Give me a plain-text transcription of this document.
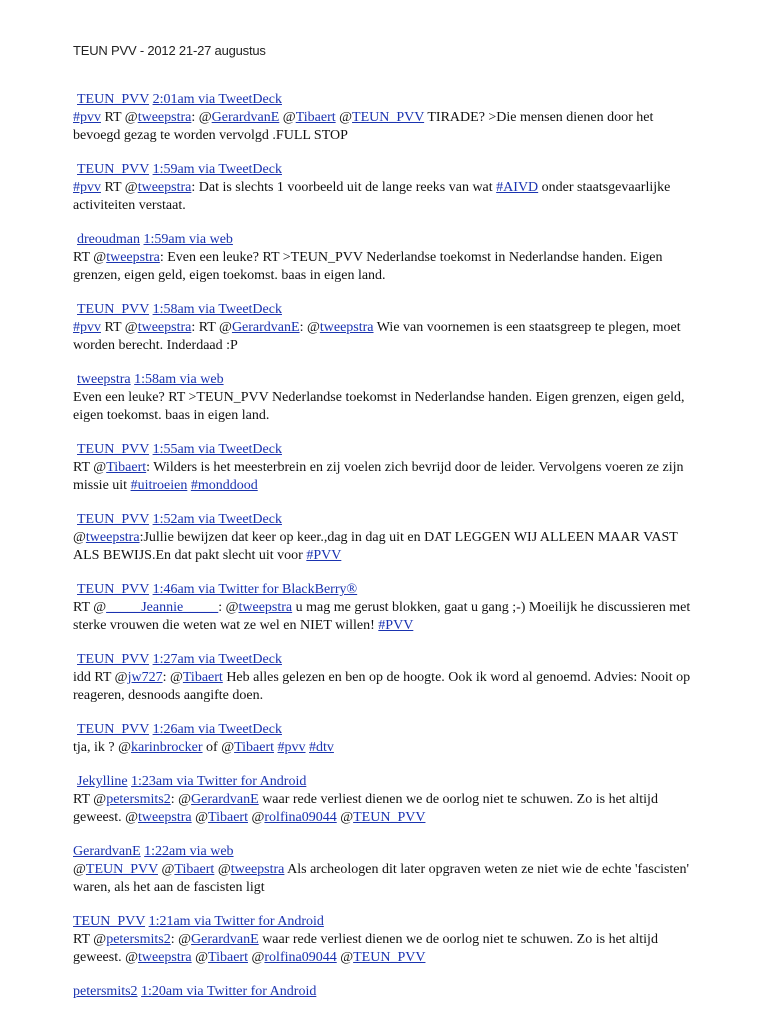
TEUN PVV - 2012 21-27 augustus
TEUN_PVV 2:01am via TweetDeck
#pvv RT @tweepstra: @GerardvanE @Tibaert @TEUN_PVV TIRADE? >Die mensen dienen door het bevoegd gezag te worden vervolgd .FULL STOP
TEUN_PVV 1:59am via TweetDeck
#pvv RT @tweepstra: Dat is slechts 1 voorbeeld uit de lange reeks van wat #AIVD onder staatsgevaarlijke activiteiten verstaat.
dreoudman 1:59am via web
RT @tweepstra: Even een leuke? RT >TEUN_PVV Nederlandse toekomst in Nederlandse handen. Eigen grenzen, eigen geld, eigen toekomst. baas in eigen land.
TEUN_PVV 1:58am via TweetDeck
#pvv RT @tweepstra: RT @GerardvanE: @tweepstra Wie van voornemen is een staatsgreep te plegen, moet worden berecht. Inderdaad :P
tweepstra 1:58am via web
Even een leuke? RT >TEUN_PVV Nederlandse toekomst in Nederlandse handen. Eigen grenzen, eigen geld, eigen toekomst. baas in eigen land.
TEUN_PVV 1:55am via TweetDeck
RT @Tibaert: Wilders is het meesterbrein en zij voelen zich bevrijd door de leider. Vervolgens voeren ze zijn missie uit #uitroeien #monddood
TEUN_PVV 1:52am via TweetDeck
@tweepstra:Jullie bewijzen dat keer op keer.,dag in dag uit en DAT LEGGEN WIJ ALLEEN MAAR VAST ALS BEWIJS.En dat pakt slecht uit voor #PVV
TEUN_PVV 1:46am via Twitter for BlackBerry®
RT @_____Jeannie_____: @tweepstra u mag me gerust blokken, gaat u gang ;-) Moeilijk he discussieren met sterke vrouwen die weten wat ze wel en NIET willen! #PVV
TEUN_PVV 1:27am via TweetDeck
idd RT @jw727: @Tibaert Heb alles gelezen en ben op de hoogte. Ook ik word al genoemd. Advies: Nooit op reageren, desnoods aangifte doen.
TEUN_PVV 1:26am via TweetDeck
tja, ik ? @karinbrocker of @Tibaert #pvv #dtv
Jekylline 1:23am via Twitter for Android
RT @petersmits2: @GerardvanE waar rede verliest dienen we de oorlog niet te schuwen. Zo is het altijd geweest. @tweepstra @Tibaert @rolfina09044 @TEUN_PVV
GerardvanE 1:22am via web
@TEUN_PVV @Tibaert @tweepstra Als archeologen dit later opgraven weten ze niet wie de echte 'fascisten' waren, als het aan de fascisten ligt
TEUN_PVV 1:21am via Twitter for Android
RT @petersmits2: @GerardvanE waar rede verliest dienen we de oorlog niet te schuwen. Zo is het altijd geweest. @tweepstra @Tibaert @rolfina09044 @TEUN_PVV
petersmits2 1:20am via Twitter for Android
